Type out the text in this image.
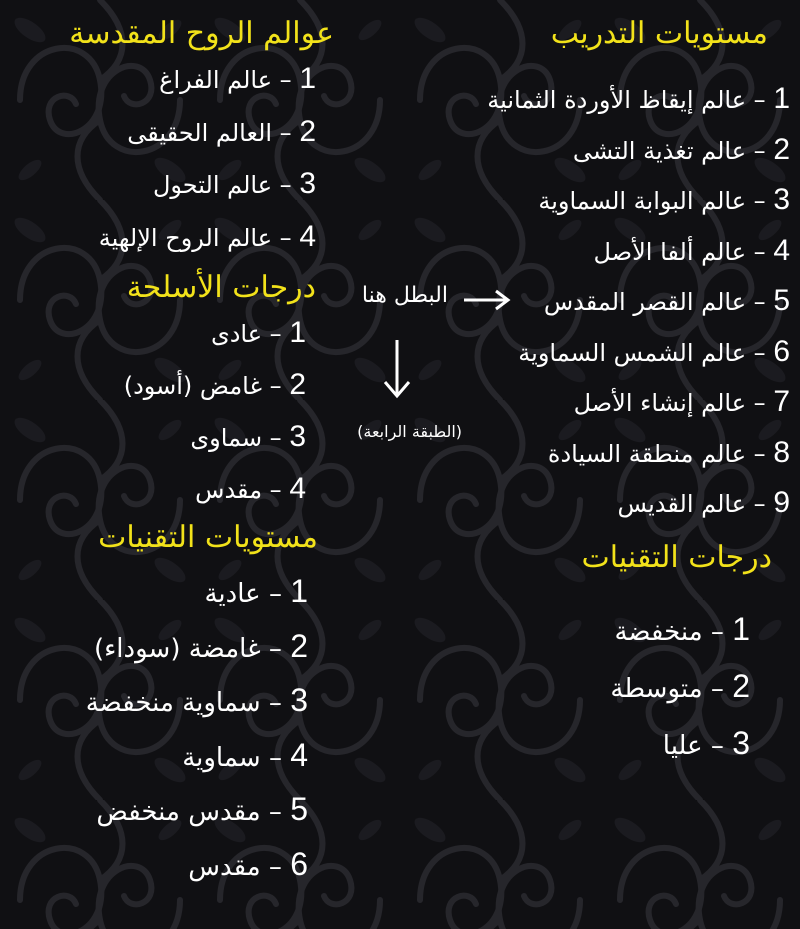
مستويات التدريب
1 – عالم إيقاظ الأوردة الثمانية
2 – عالم تغذية التشى
3 – عالم البوابة السماوية
4 – عالم ألفا الأصل
5 – عالم القصر المقدس
6 – عالم الشمس السماوية
7 – عالم إنشاء الأصل
8 – عالم منطقة السيادة
9 – عالم القديس
درجات التقنيات
1 – منخفضة
2 – متوسطة
3 – عليا
عوالم الروح المقدسة
درجات الأسلحة
مستويات التقنيات
1 – عالم الفراغ
2 – العالم الحقيقى
3 – عالم التحول
4 – عالم الروح الإلهية
1 – عادى
2 – غامض (أسود)
3 – سماوى
4 – مقدس
1 – عادية
2 – غامضة (سوداء)
3 – سماوية منخفضة
4 – سماوية
5 – مقدس منخفض
6 – مقدس
البطل هنا
(الطبقة الرابعة)
